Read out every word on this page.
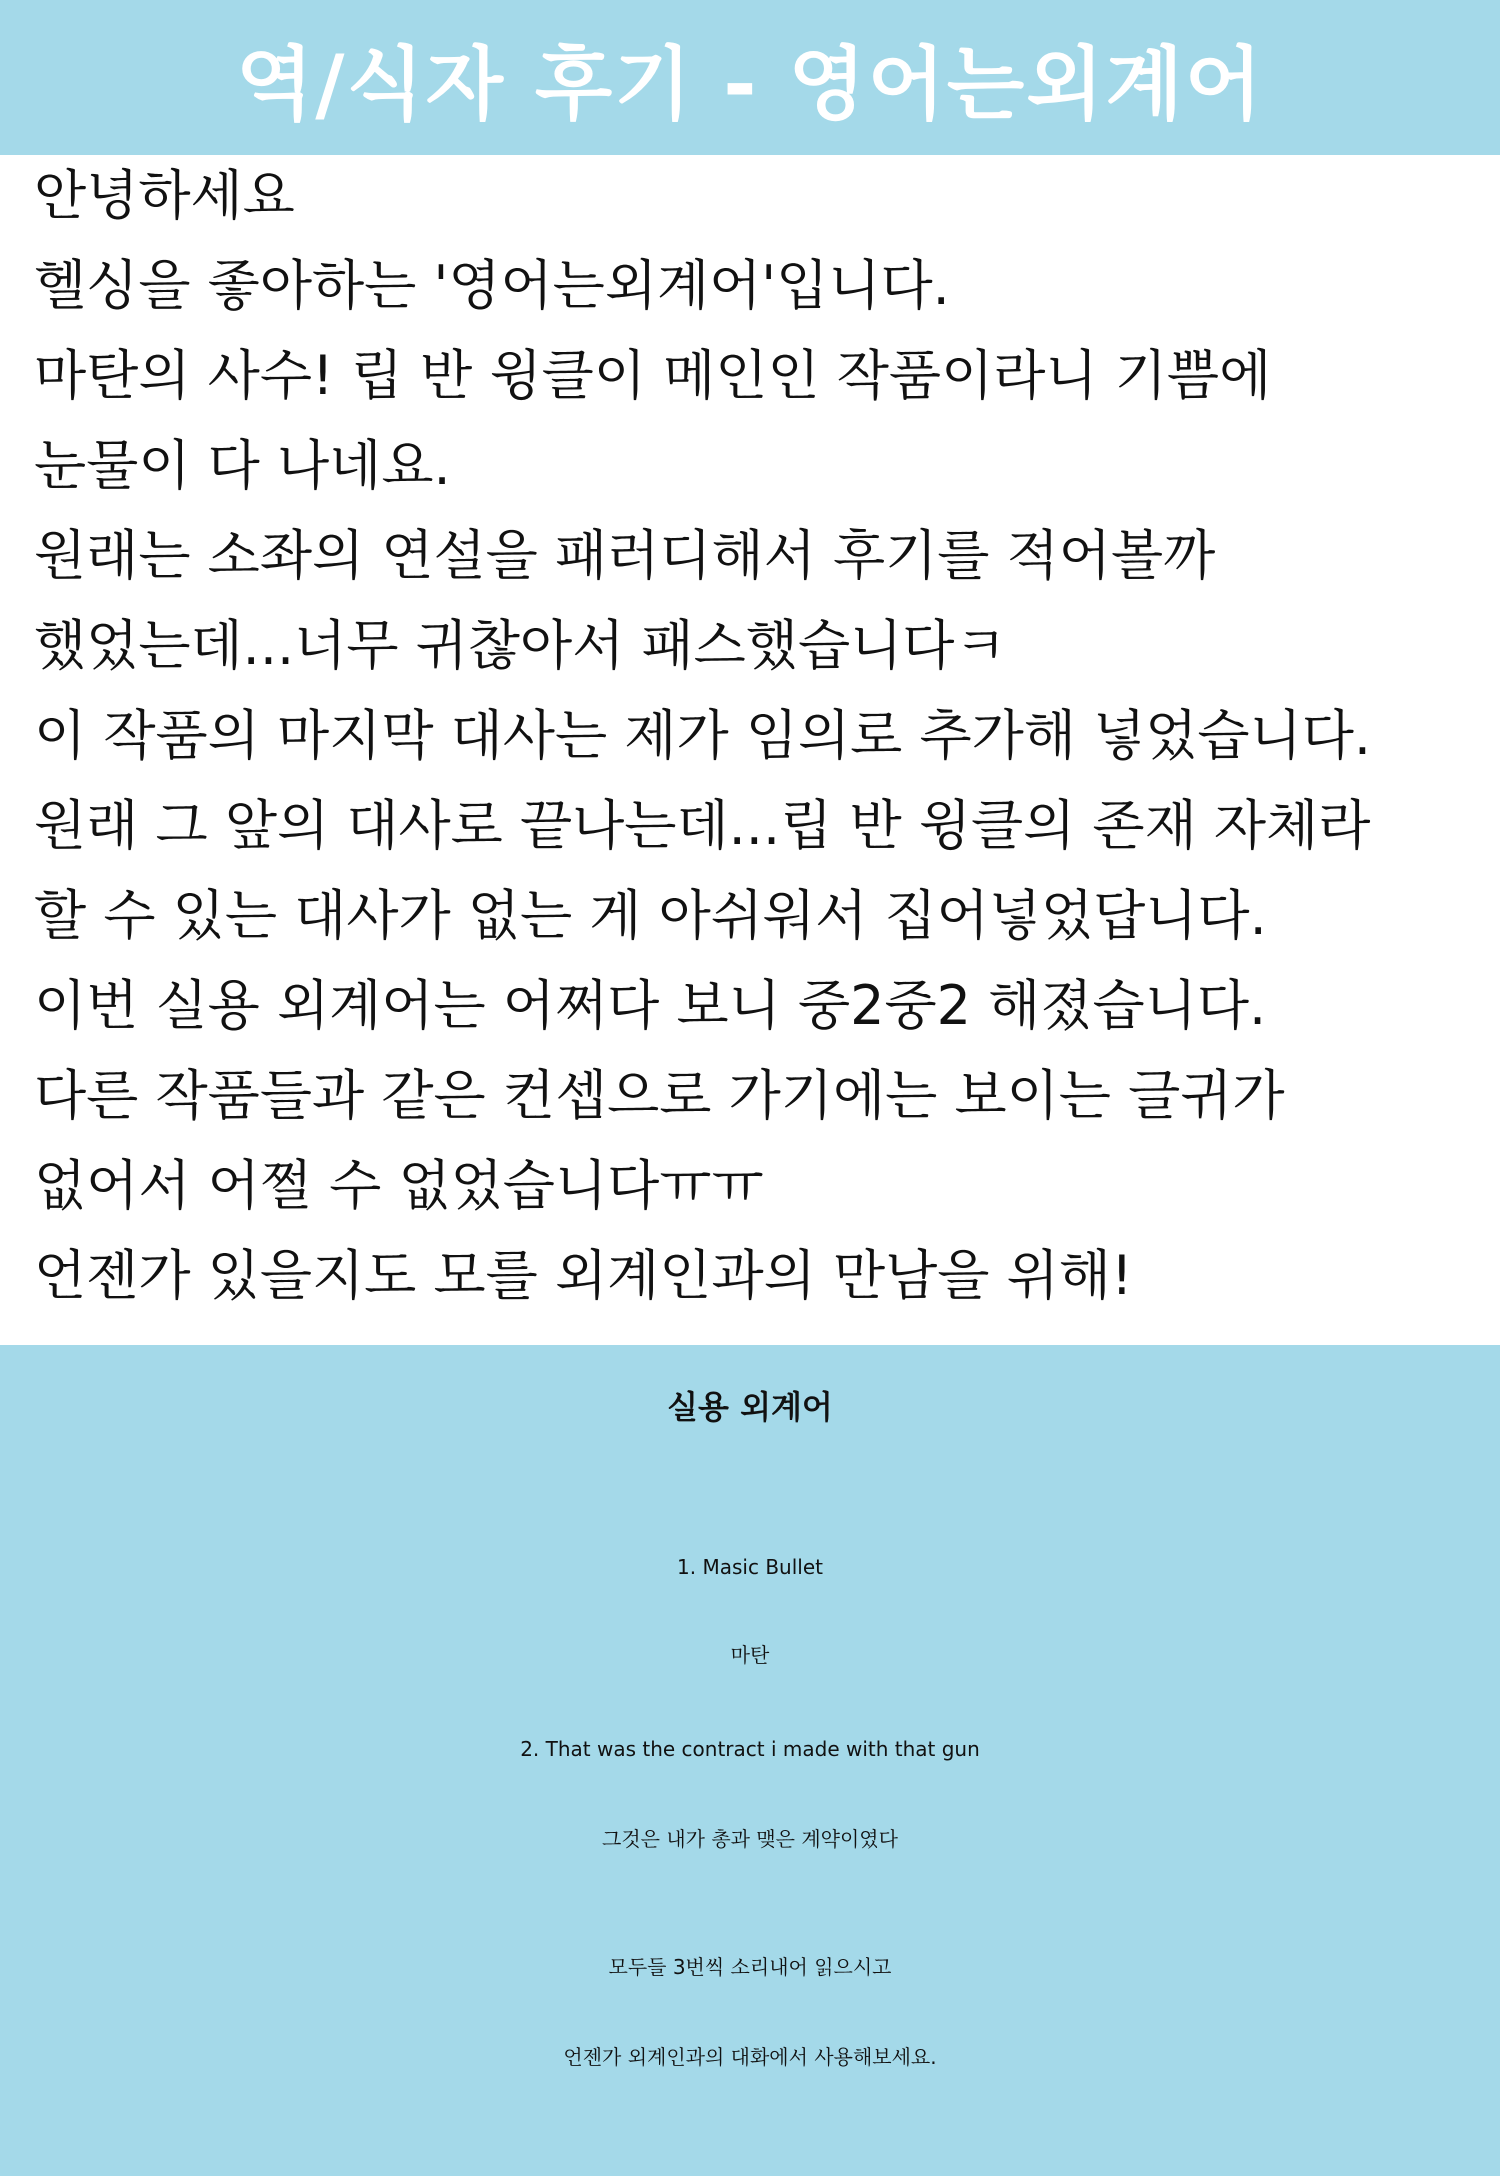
역/식자 후기 - 영어는외계어
안녕하세요
헬싱을 좋아하는 '영어는외계어'입니다.
마탄의 사수! 립 반 윙클이 메인인 작품이라니 기쁨에
눈물이 다 나네요.
원래는 소좌의 연설을 패러디해서 후기를 적어볼까
했었는데...너무 귀찮아서 패스했습니다ㅋ
이 작품의 마지막 대사는 제가 임의로 추가해 넣었습니다.
원래 그 앞의 대사로 끝나는데...립 반 윙클의 존재 자체라
할 수 있는 대사가 없는 게 아쉬워서 집어넣었답니다.
이번 실용 외계어는 어쩌다 보니 중2중2 해졌습니다.
다른 작품들과 같은 컨셉으로 가기에는 보이는 글귀가
없어서 어쩔 수 없었습니다ㅠㅠ
언젠가 있을지도 모를 외계인과의 만남을 위해!
실용 외계어
1. Masic Bullet
마탄
2. That was the contract i made with that gun
그것은 내가 총과 맺은 계약이였다
모두들 3번씩 소리내어 읽으시고
언젠가 외계인과의 대화에서 사용해보세요.
